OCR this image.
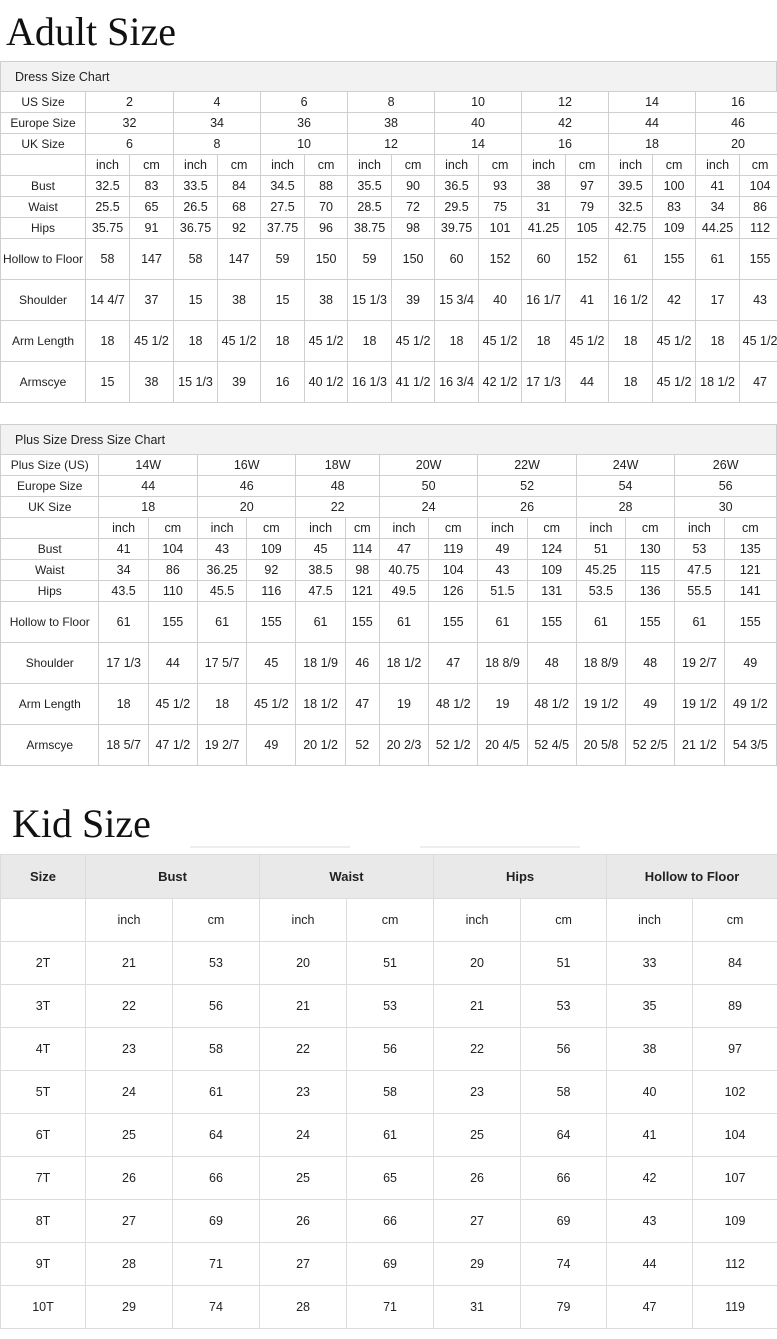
Adult Size
Dress Size Chart
US Size	2		4		6		8		10		12		14		16	
Europe Size	32		34		36		38		40		42		44		46	
UK Size	6		8		10		12		14		16		18		20	
	inch	cm	inch	cm	inch	cm	inch	cm	inch	cm	inch	cm	inch	cm	inch	cm
Bust	32.5	83	33.5	84	34.5	88	35.5	90	36.5	93	38	97	39.5	100	41	104
Waist	25.5	65	26.5	68	27.5	70	28.5	72	29.5	75	31	79	32.5	83	34	86
Hips	35.75	91	36.75	92	37.75	96	38.75	98	39.75	101	41.25	105	42.75	109	44.25	112
Hollow to Floor	58	147	58	147	59	150	59	150	60	152	60	152	61	155	61	155
Shoulder	14 4/7	37	15	38	15	38	15 1/3	39	15 3/4	40	16 1/7	41	16 1/2	42	17	43
Arm Length	18	45 1/2	18	45 1/2	18	45 1/2	18	45 1/2	18	45 1/2	18	45 1/2	18	45 1/2	18	45 1/2
Armscye	15	38	15 1/3	39	16	40 1/2	16 1/3	41 1/2	16 3/4	42 1/2	17 1/3	44	18	45 1/2	18 1/2	47
Plus Size Dress Size Chart
Plus Size (US)	14W		16W		18W		20W		22W		24W		26W	
Europe Size	44		46		48		50		52		54		56	
UK Size	18		20		22		24		26		28		30	
	inch	cm	inch	cm	inch	cm	inch	cm	inch	cm	inch	cm	inch	cm
Bust	41	104	43	109	45	114	47	119	49	124	51	130	53	135
Waist	34	86	36.25	92	38.5	98	40.75	104	43	109	45.25	115	47.5	121
Hips	43.5	110	45.5	116	47.5	121	49.5	126	51.5	131	53.5	136	55.5	141
Hollow to Floor	61	155	61	155	61	155	61	155	61	155	61	155	61	155
Shoulder	17 1/3	44	17 5/7	45	18 1/9	46	18 1/2	47	18 8/9	48	18 8/9	48	19 2/7	49
Arm Length	18	45 1/2	18	45 1/2	18 1/2	47	19	48 1/2	19	48 1/2	19 1/2	49	19 1/2	49 1/2
Armscye	18 5/7	47 1/2	19 2/7	49	20 1/2	52	20 2/3	52 1/2	20 4/5	52 4/5	20 5/8	52 2/5	21 1/2	54 3/5
Kid Size
Size	Bust		Waist		Hips		Hollow to Floor	
	inch	cm	inch	cm	inch	cm	inch	cm
2T	21	53	20	51	20	51	33	84
3T	22	56	21	53	21	53	35	89
4T	23	58	22	56	22	56	38	97
5T	24	61	23	58	23	58	40	102
6T	25	64	24	61	25	64	41	104
7T	26	66	25	65	26	66	42	107
8T	27	69	26	66	27	69	43	109
9T	28	71	27	69	29	74	44	112
10T	29	74	28	71	31	79	47	119
